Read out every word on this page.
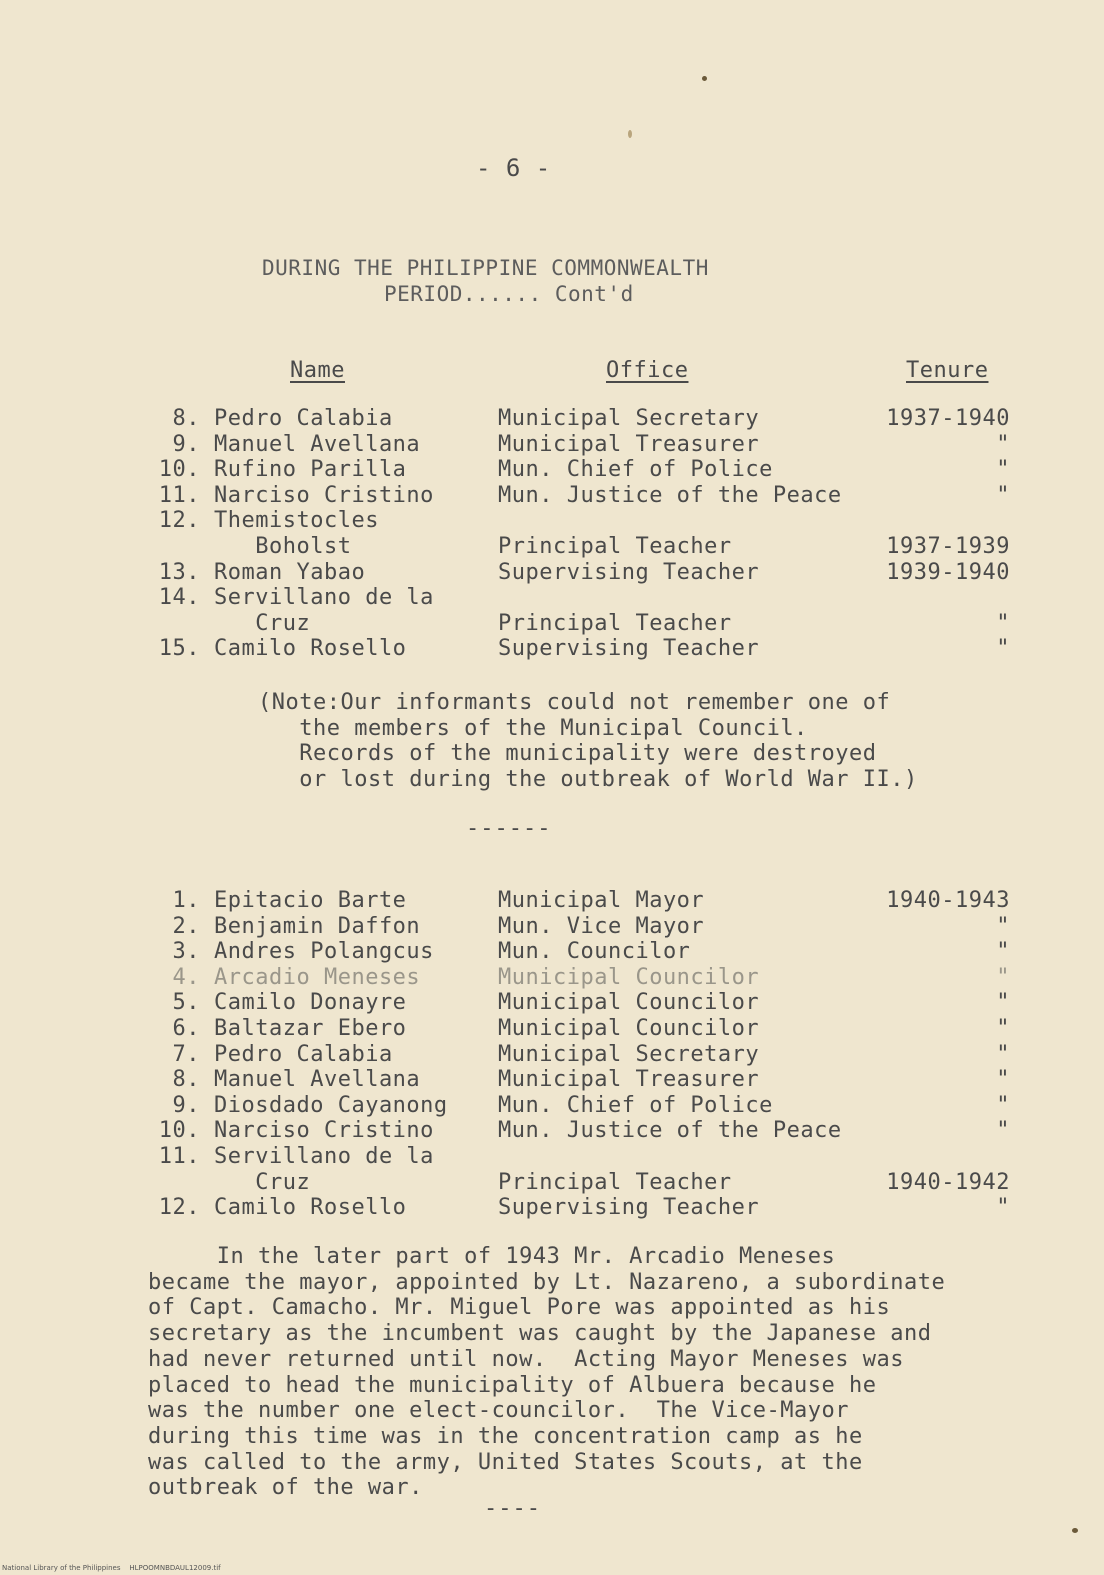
- 6 -
DURING THE PHILIPPINE COMMONWEALTH
PERIOD...... Cont'd
Name	Office	Tenure
8. Pedro Calabia	Municipal Secretary	1937-1940
9. Manuel Avellana	Municipal Treasurer	"
10. Rufino Parilla	Mun. Chief of Police	"
11. Narciso Cristino	Mun. Justice of the Peace	"
12. Themistocles
Boholst	Principal Teacher	1937-1939
13. Roman Yabao	Supervising Teacher	1939-1940
14. Servillano de la
Cruz	Principal Teacher	"
15. Camilo Rosello	Supervising Teacher	"
(Note:Our informants could not remember one of
the members of the Municipal Council.
Records of the municipality were destroyed
or lost during the outbreak of World War II.)
------
1. Epitacio Barte	Municipal Mayor	1940-1943
2. Benjamin Daffon	Mun. Vice Mayor	"
3. Andres Polangcus	Mun. Councilor	"
4. Arcadio Meneses	Municipal Councilor	"
5. Camilo Donayre	Municipal Councilor	"
6. Baltazar Ebero	Municipal Councilor	"
7. Pedro Calabia	Municipal Secretary	"
8. Manuel Avellana	Municipal Treasurer	"
9. Diosdado Cayanong Mun. Chief of Police	"
10. Narciso Cristino	Mun. Justice of the Peace	"
11. Servillano de la
Cruz	Principal Teacher	1940-1942
12. Camilo Rosello	Supervising Teacher	"
In the later part of 1943 Mr. Arcadio Meneses
became the mayor, appointed by Lt. Nazareno, a subordinate
of Capt. Camacho. Mr. Miguel Pore was appointed as his
secretary as the incumbent was caught by the Japanese and
had never returned until now.  Acting Mayor Meneses was
placed to head the municipality of Albuera because he
was the number one elect-councilor.  The Vice-Mayor
during this time was in the concentration camp as he
was called to the army, United States Scouts, at the
outbreak of the war.
----
National Library of the Philippines    HLPOOMNBDAUL12009.tif
